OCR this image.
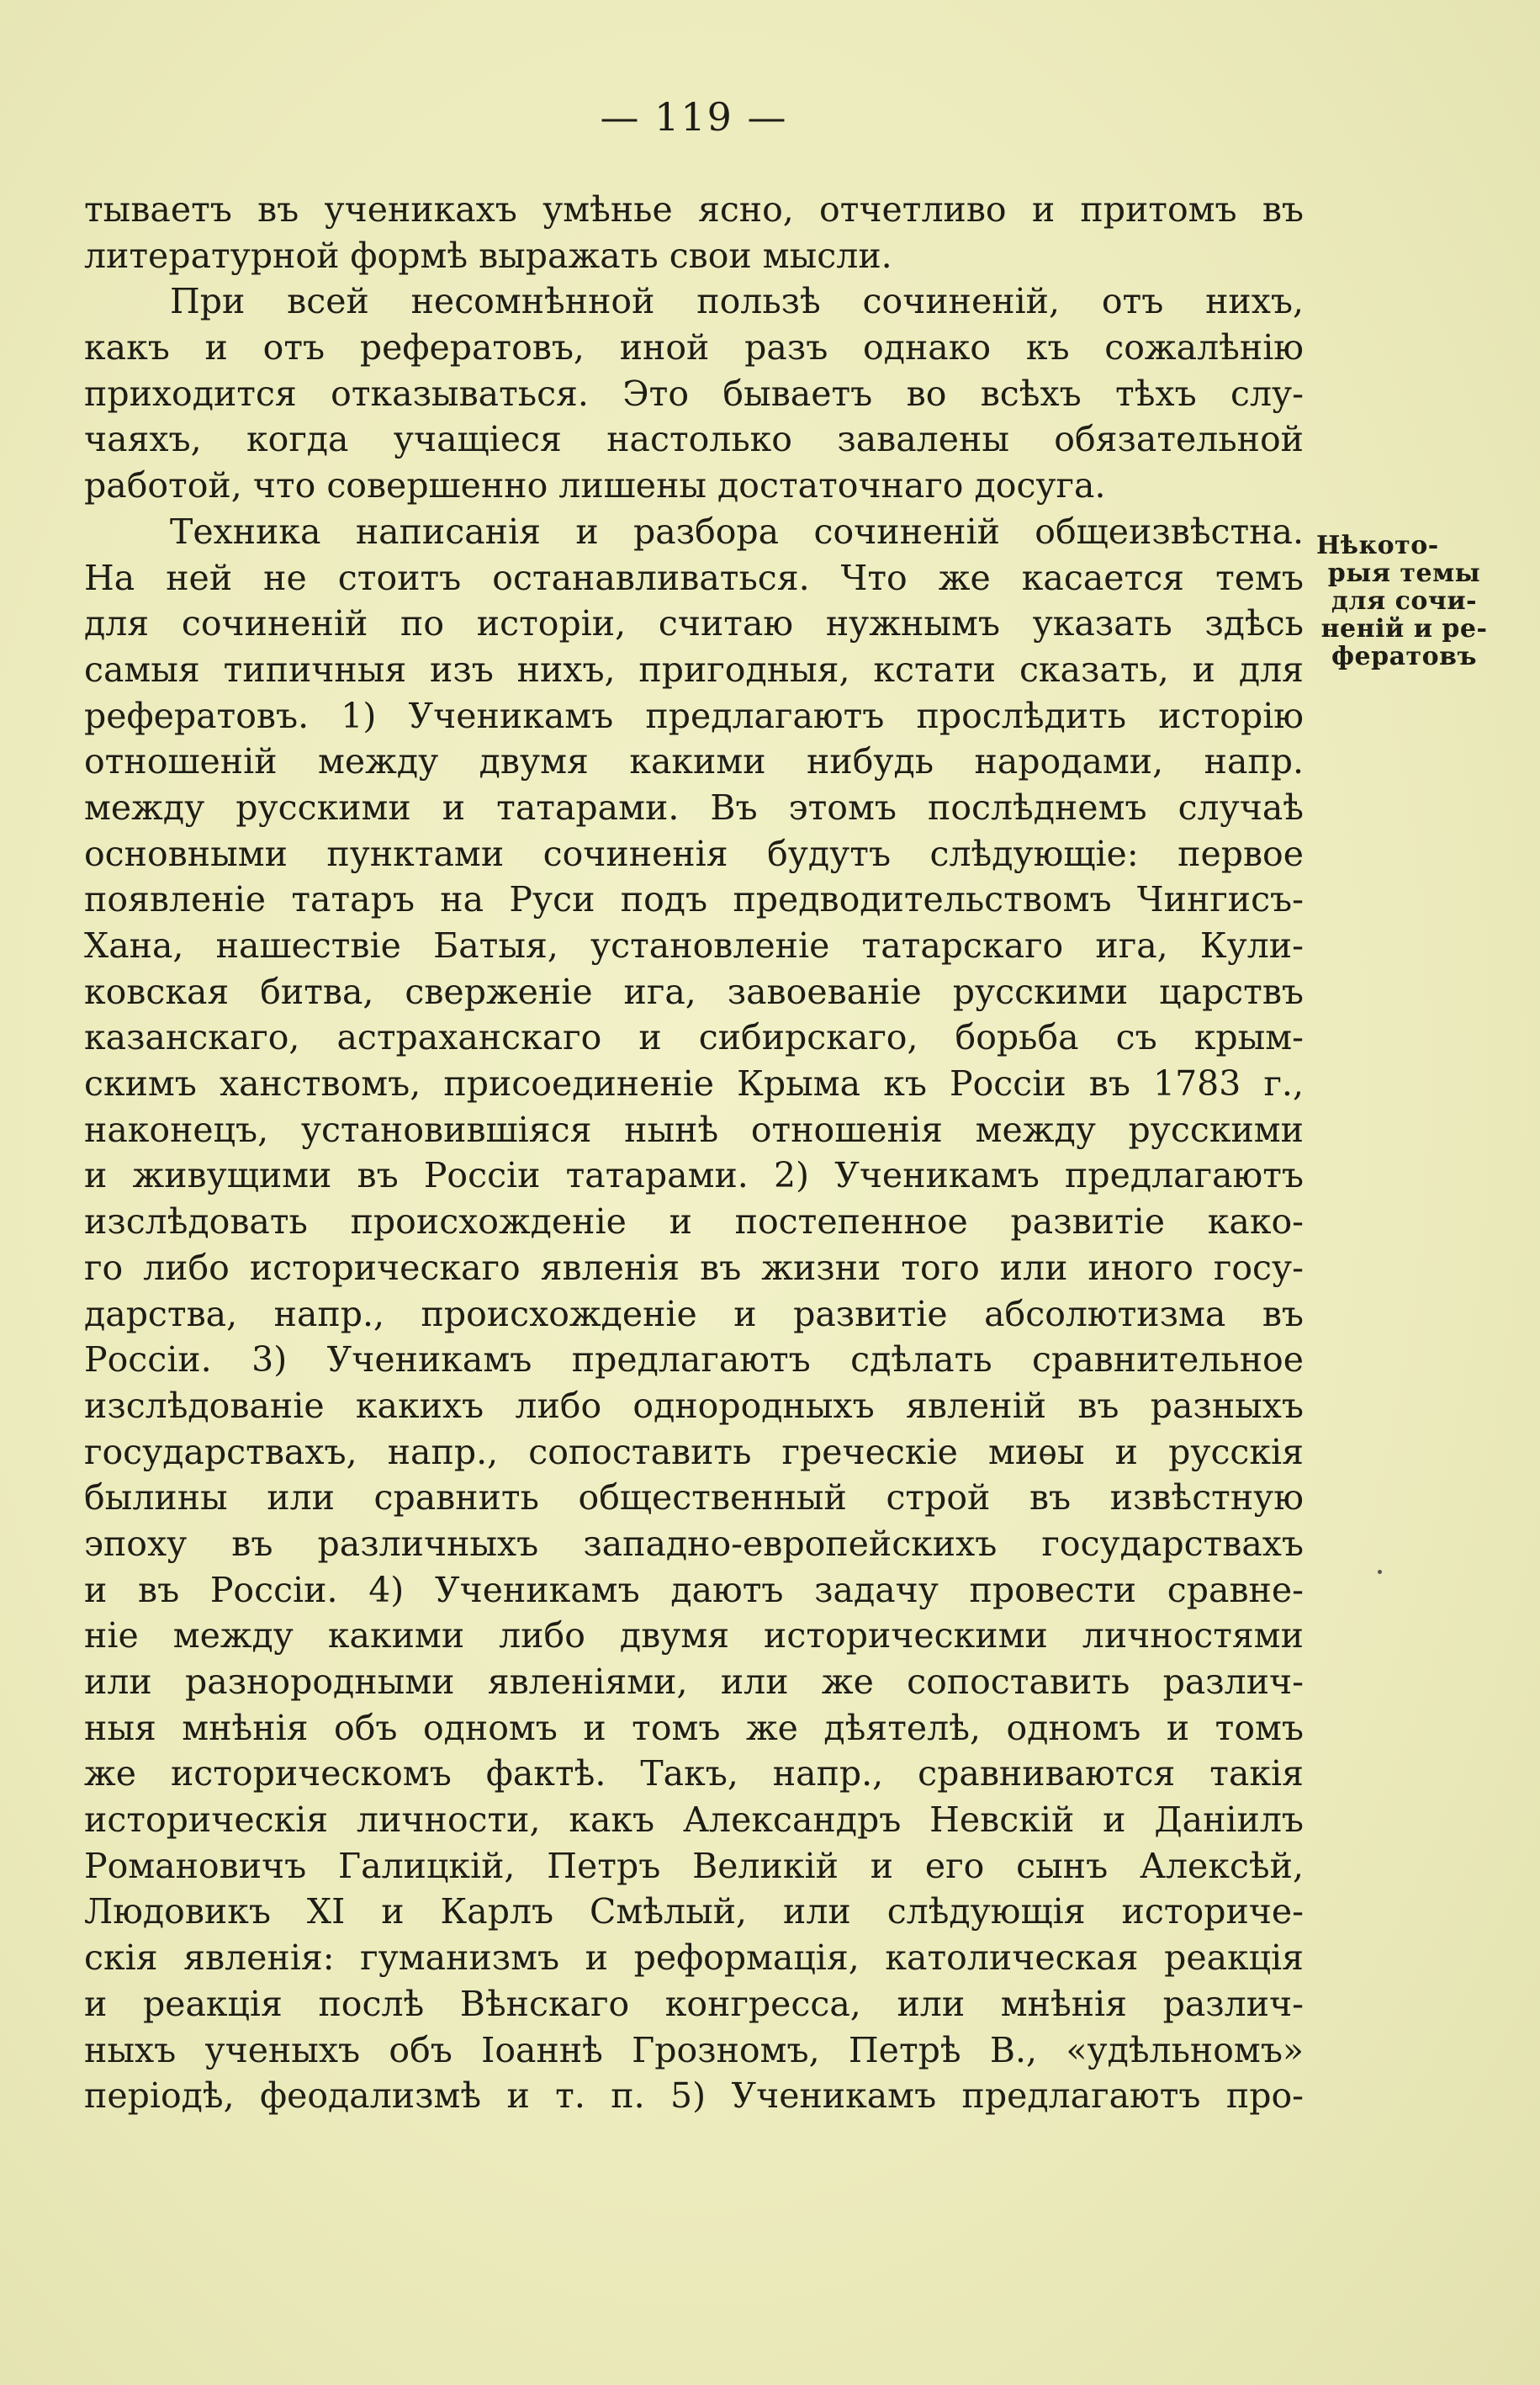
— 119 —
тываетъ въ ученикахъ умѣнье ясно, отчетливо и притомъ въ
литературной формѣ выражать свои мысли.
При всей несомнѣнной пользѣ сочиненій, отъ нихъ,
какъ и отъ рефератовъ, иной разъ однако къ сожалѣнію
приходится отказываться. Это бываетъ во всѣхъ тѣхъ слу-
чаяхъ, когда учащіеся настолько завалены обязательной
работой, что совершенно лишены достаточнаго досуга.
Техника написанія и разбора сочиненій общеизвѣстна.
На ней не стоитъ останавливаться. Что же касается темъ
для сочиненій по исторіи, считаю нужнымъ указать здѣсь
самыя типичныя изъ нихъ, пригодныя, кстати сказать, и для
рефератовъ. 1) Ученикамъ предлагаютъ прослѣдить исторію
отношеній между двумя какими нибудь народами, напр.
между русскими и татарами. Въ этомъ послѣднемъ случаѣ
основными пунктами сочиненія будутъ слѣдующіе: первое
появленіе татаръ на Руси подъ предводительствомъ Чингисъ-
Хана, нашествіе Батыя, установленіе татарскаго ига, Кули-
ковская битва, сверженіе ига, завоеваніе русскими царствъ
казанскаго, астраханскаго и сибирскаго, борьба съ крым-
скимъ ханствомъ, присоединеніе Крыма къ Россіи въ 1783 г.,
наконецъ, установившіяся нынѣ отношенія между русскими
и живущими въ Россіи татарами. 2) Ученикамъ предлагаютъ
изслѣдовать происхожденіе и постепенное развитіе како-
го либо историческаго явленія въ жизни того или иного госу-
дарства, напр., происхожденіе и развитіе абсолютизма въ
Россіи. 3) Ученикамъ предлагаютъ сдѣлать сравнительное
изслѣдованіе какихъ либо однородныхъ явленій въ разныхъ
государствахъ, напр., сопоставить греческіе миѳы и русскія
былины или сравнить общественный строй въ извѣстную
эпоху въ различныхъ западно-европейскихъ государствахъ
и въ Россіи. 4) Ученикамъ даютъ задачу провести сравне-
ніе между какими либо двумя историческими личностями
или разнородными явленіями, или же сопоставить различ-
ныя мнѣнія объ одномъ и томъ же дѣятелѣ, одномъ и томъ
же историческомъ фактѣ. Такъ, напр., сравниваются такія
историческія личности, какъ Александръ Невскій и Даніилъ
Романовичъ Галицкій, Петръ Великій и его сынъ Алексѣй,
Людовикъ XI и Карлъ Смѣлый, или слѣдующія историче-
скія явленія: гуманизмъ и реформація, католическая реакція
и реакція послѣ Вѣнскаго конгресса, или мнѣнія различ-
ныхъ ученыхъ объ Іоаннѣ Грозномъ, Петрѣ В., «удѣльномъ»
періодѣ, феодализмѣ и т. п. 5) Ученикамъ предлагаютъ про-
Нѣкото-
рыя темы
для сочи-
неній и ре-
фератовъ
